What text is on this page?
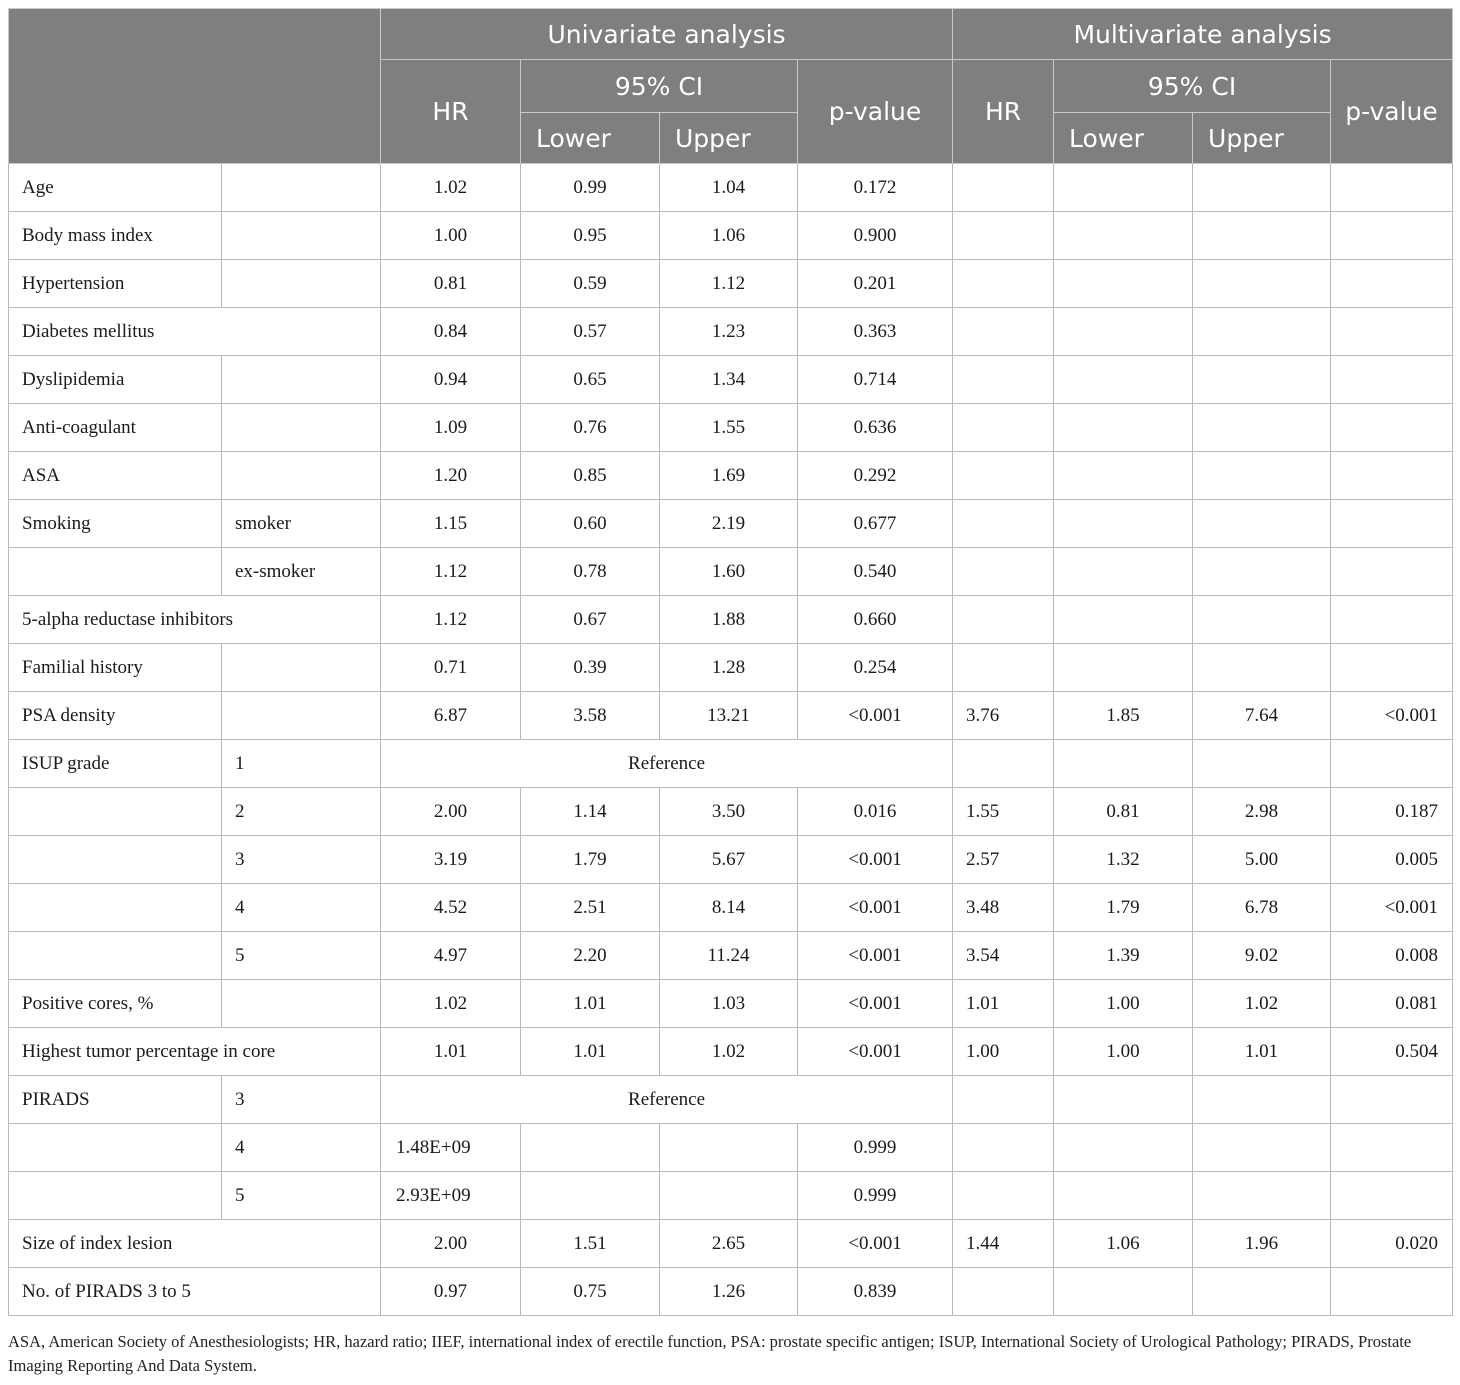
		Univariate analysis				Multivariate analysis			
		HR	95% CI		p-value	HR	95% CI		p-value
			Lower	Upper			Lower	Upper	
Age		1.02	0.99	1.04	0.172				
Body mass index		1.00	0.95	1.06	0.900				
Hypertension		0.81	0.59	1.12	0.201				
Diabetes mellitus		0.84	0.57	1.23	0.363				
Dyslipidemia		0.94	0.65	1.34	0.714				
Anti-coagulant		1.09	0.76	1.55	0.636				
ASA		1.20	0.85	1.69	0.292				
Smoking	smoker	1.15	0.60	2.19	0.677				
	ex-smoker	1.12	0.78	1.60	0.540				
5-alpha reductase inhibitors		1.12	0.67	1.88	0.660				
Familial history		0.71	0.39	1.28	0.254				
PSA density		6.87	3.58	13.21	<0.001	3.76	1.85	7.64	<0.001
ISUP grade	1	Reference							
	2	2.00	1.14	3.50	0.016	1.55	0.81	2.98	0.187
	3	3.19	1.79	5.67	<0.001	2.57	1.32	5.00	0.005
	4	4.52	2.51	8.14	<0.001	3.48	1.79	6.78	<0.001
	5	4.97	2.20	11.24	<0.001	3.54	1.39	9.02	0.008
Positive cores, %		1.02	1.01	1.03	<0.001	1.01	1.00	1.02	0.081
Highest tumor percentage in core		1.01	1.01	1.02	<0.001	1.00	1.00	1.01	0.504
PIRADS	3	Reference							
	4	1.48E+09			0.999				
	5	2.93E+09			0.999				
Size of index lesion		2.00	1.51	2.65	<0.001	1.44	1.06	1.96	0.020
No. of PIRADS 3 to 5		0.97	0.75	1.26	0.839				
ASA, American Society of Anesthesiologists; HR, hazard ratio; IIEF, international index of erectile function, PSA: prostate specific antigen; ISUP, International Society of Urological Pathology; PIRADS, Prostate Imaging Reporting And Data System.
